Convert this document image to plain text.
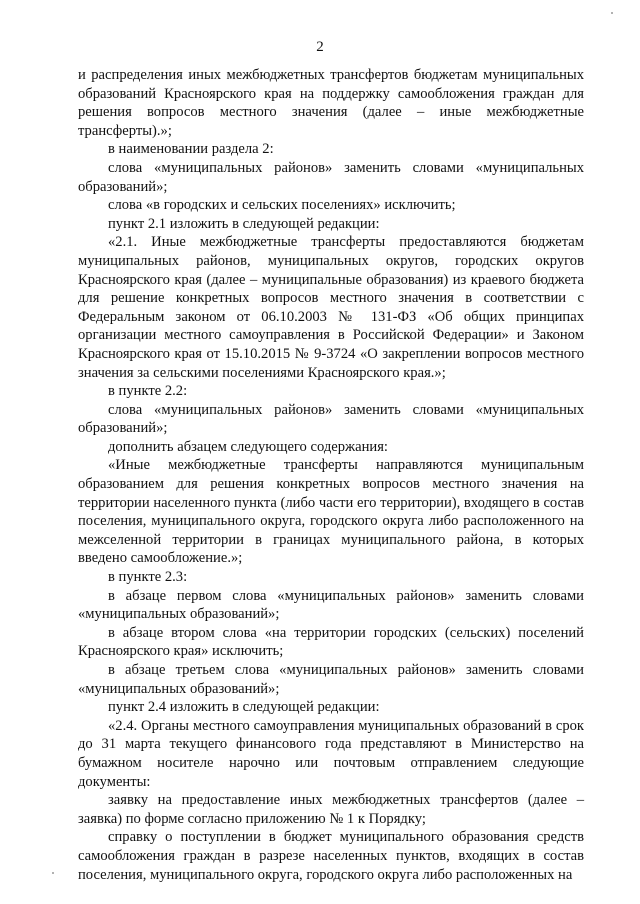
2

и распределения иных межбюджетных трансфертов бюджетам муниципальных образований Красноярского края на поддержку самообложения граждан для решения вопросов местного значения (далее – иные межбюджетные трансферты).»;

в наименовании раздела 2:

слова «муниципальных районов» заменить словами «муниципальных образований»;

слова «в городских и сельских поселениях» исключить;

пункт 2.1 изложить в следующей редакции:

«2.1. Иные межбюджетные трансферты предоставляются бюджетам муниципальных районов, муниципальных округов, городских округов Красноярского края (далее – муниципальные образования) из краевого бюджета для решение конкретных вопросов местного значения в соответствии с Федеральным законом от 06.10.2003 № 131-ФЗ «Об общих принципах организации местного самоуправления в Российской Федерации» и Законом Красноярского края от 15.10.2015 № 9-3724 «О закреплении вопросов местного значения за сельскими поселениями Красноярского края.»;

в пункте 2.2:

слова «муниципальных районов» заменить словами «муниципальных образований»;

дополнить абзацем следующего содержания:

«Иные межбюджетные трансферты направляются муниципальным образованием для решения конкретных вопросов местного значения на территории населенного пункта (либо части его территории), входящего в состав поселения, муниципального округа, городского округа либо расположенного на межселенной территории в границах муниципального района, в которых введено самообложение.»;

в пункте 2.3:

в абзаце первом слова «муниципальных районов» заменить словами «муниципальных образований»;

в абзаце втором слова «на территории городских (сельских) поселений Красноярского края» исключить;

в абзаце третьем слова «муниципальных районов» заменить словами «муниципальных образований»;

пункт 2.4 изложить в следующей редакции:

«2.4. Органы местного самоуправления муниципальных образований в срок до 31 марта текущего финансового года представляют в Министерство на бумажном носителе нарочно или почтовым отправлением следующие документы:

заявку на предоставление иных межбюджетных трансфертов (далее – заявка) по форме согласно приложению № 1 к Порядку;

справку о поступлении в бюджет муниципального образования средств самообложения граждан в разрезе населенных пунктов, входящих в состав поселения, муниципального округа, городского округа либо расположенных на
